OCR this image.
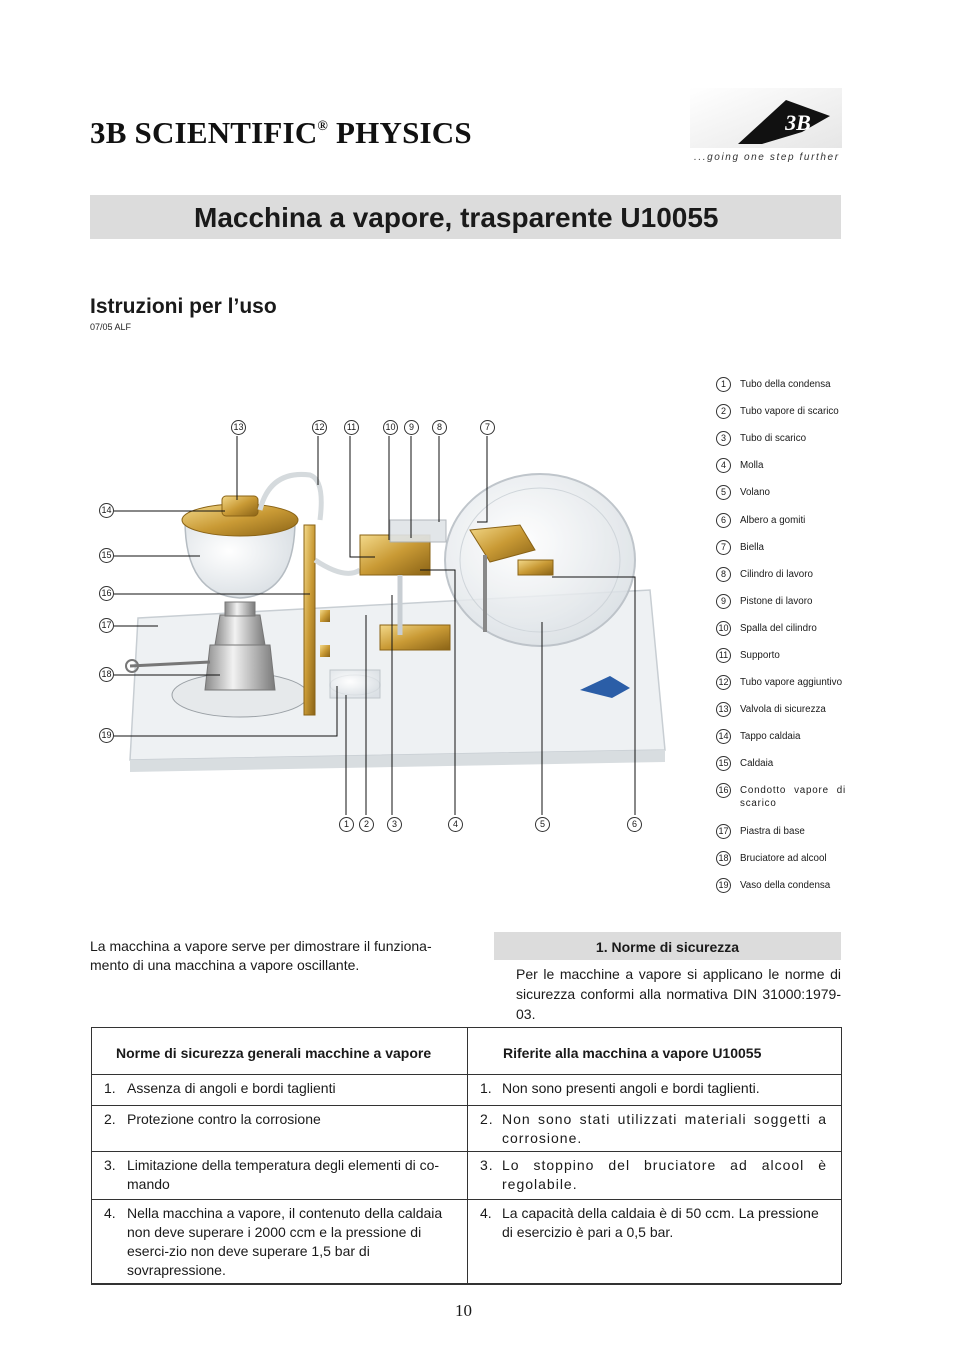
3B SCIENTIFIC® PHYSICS	3B
...going one step further
Macchina a vapore, trasparente U10055
Istruzioni per l’uso
07/05 ALF
13	12	11	10	9	8	7
14
15
16
17
18
19
1	2	3	4	5	6
1	Tubo della condensa
2	Tubo vapore di scarico
3	Tubo di scarico
4	Molla
5	Volano
6	Albero a gomiti
7	Biella
8	Cilindro di lavoro
9	Pistone di lavoro
10	Spalla del cilindro
11	Supporto
12	Tubo vapore aggiuntivo
13	Valvola di sicurezza
14	Tappo caldaia
15	Caldaia
16	Condotto vapore di scarico
17	Piastra di base
18	Bruciatore ad alcool
19	Vaso della condensa
La macchina a vapore serve per dimostrare il funziona-mento di una macchina a vapore oscillante.
1. Norme di sicurezza
Per le macchine a vapore si applicano le norme di sicurezza conformi alla normativa DIN 31000:1979-03.
Norme di sicurezza generali macchine a vapore	Riferite alla macchina a vapore U10055

1. Assenza di angoli e bordi taglienti	1. Non sono presenti angoli e bordi taglienti.

2. Protezione contro la corrosione	2. Non sono stati utilizzati materiali soggetti a corrosione.

3. Limitazione della temperatura degli elementi di co-mando	3. Lo stoppino del bruciatore ad alcool è regolabile.

4. Nella macchina a vapore, il contenuto della caldaia non deve superare i 2000 ccm e la pressione di eserci-zio non deve superare 1,5 bar di sovrapressione.	4. La capacità della caldaia è di 50 ccm. La pressione di esercizio è pari a 0,5 bar.
10
